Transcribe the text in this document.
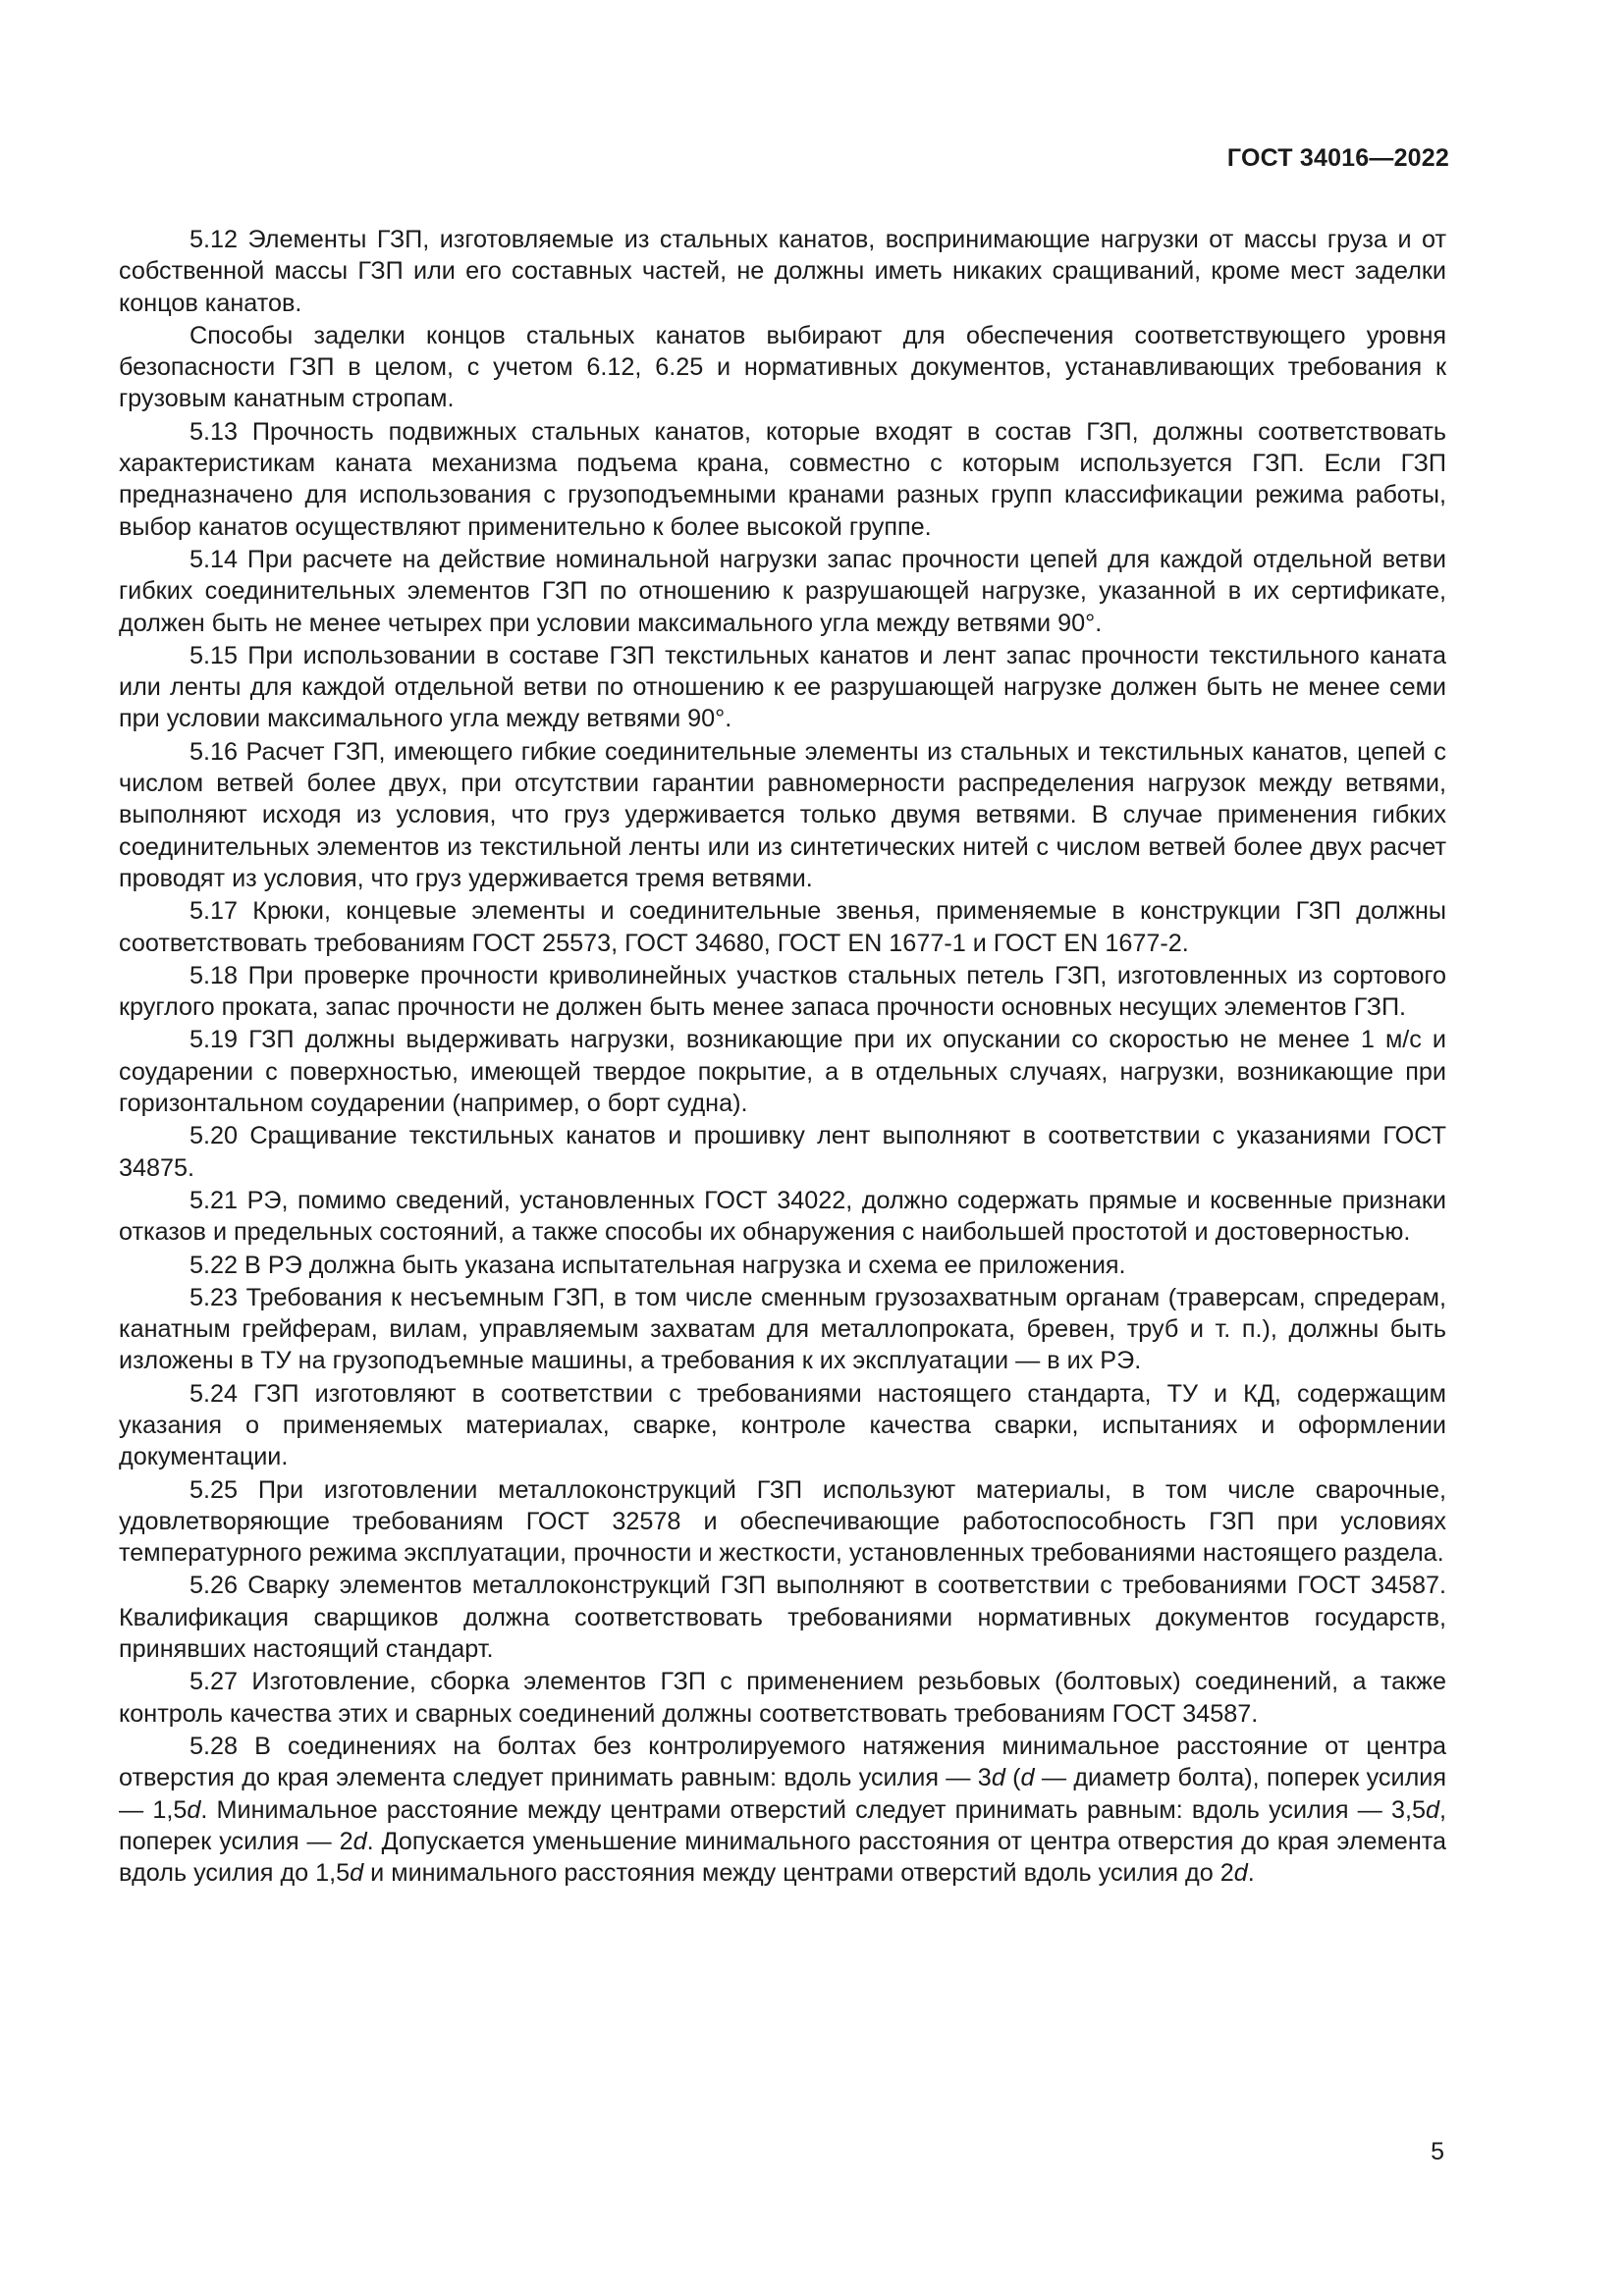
ГОСТ 34016—2022

5.12 Элементы ГЗП, изготовляемые из стальных канатов, воспринимающие нагрузки от массы груза и от собственной массы ГЗП или его составных частей, не должны иметь никаких сращиваний, кроме мест заделки концов канатов.

Способы заделки концов стальных канатов выбирают для обеспечения соответствующего уровня безопасности ГЗП в целом, с учетом 6.12, 6.25 и нормативных документов, устанавливающих требования к грузовым канатным стропам.

5.13 Прочность подвижных стальных канатов, которые входят в состав ГЗП, должны соответствовать характеристикам каната механизма подъема крана, совместно с которым используется ГЗП. Если ГЗП предназначено для использования с грузоподъемными кранами разных групп классификации режима работы, выбор канатов осуществляют применительно к более высокой группе.

5.14 При расчете на действие номинальной нагрузки запас прочности цепей для каждой отдельной ветви гибких соединительных элементов ГЗП по отношению к разрушающей нагрузке, указанной в их сертификате, должен быть не менее четырех при условии максимального угла между ветвями 90°.

5.15 При использовании в составе ГЗП текстильных канатов и лент запас прочности текстильного каната или ленты для каждой отдельной ветви по отношению к ее разрушающей нагрузке должен быть не менее семи при условии максимального угла между ветвями 90°.

5.16 Расчет ГЗП, имеющего гибкие соединительные элементы из стальных и текстильных канатов, цепей с числом ветвей более двух, при отсутствии гарантии равномерности распределения нагрузок между ветвями, выполняют исходя из условия, что груз удерживается только двумя ветвями. В случае применения гибких соединительных элементов из текстильной ленты или из синтетических нитей с числом ветвей более двух расчет проводят из условия, что груз удерживается тремя ветвями.

5.17 Крюки, концевые элементы и соединительные звенья, применяемые в конструкции ГЗП должны соответствовать требованиям ГОСТ 25573, ГОСТ 34680, ГОСТ EN 1677-1 и ГОСТ EN 1677-2.

5.18 При проверке прочности криволинейных участков стальных петель ГЗП, изготовленных из сортового круглого проката, запас прочности не должен быть менее запаса прочности основных несущих элементов ГЗП.

5.19 ГЗП должны выдерживать нагрузки, возникающие при их опускании со скоростью не менее 1 м/с и соударении с поверхностью, имеющей твердое покрытие, а в отдельных случаях, нагрузки, возникающие при горизонтальном соударении (например, о борт судна).

5.20 Сращивание текстильных канатов и прошивку лент выполняют в соответствии с указаниями ГОСТ 34875.

5.21 РЭ, помимо сведений, установленных ГОСТ 34022, должно содержать прямые и косвенные признаки отказов и предельных состояний, а также способы их обнаружения с наибольшей простотой и достоверностью.

5.22 В РЭ должна быть указана испытательная нагрузка и схема ее приложения.

5.23 Требования к несъемным ГЗП, в том числе сменным грузозахватным органам (траверсам, спредерам, канатным грейферам, вилам, управляемым захватам для металлопроката, бревен, труб и т. п.), должны быть изложены в ТУ на грузоподъемные машины, а требования к их эксплуатации — в их РЭ.

5.24 ГЗП изготовляют в соответствии с требованиями настоящего стандарта, ТУ и КД, содержащим указания о применяемых материалах, сварке, контроле качества сварки, испытаниях и оформлении документации.

5.25 При изготовлении металлоконструкций ГЗП используют материалы, в том числе сварочные, удовлетворяющие требованиям ГОСТ 32578 и обеспечивающие работоспособность ГЗП при условиях температурного режима эксплуатации, прочности и жесткости, установленных требованиями настоящего раздела.

5.26 Сварку элементов металлоконструкций ГЗП выполняют в соответствии с требованиями ГОСТ 34587. Квалификация сварщиков должна соответствовать требованиями нормативных документов государств, принявших настоящий стандарт.

5.27 Изготовление, сборка элементов ГЗП с применением резьбовых (болтовых) соединений, а также контроль качества этих и сварных соединений должны соответствовать требованиям ГОСТ 34587.

5.28 В соединениях на болтах без контролируемого натяжения минимальное расстояние от центра отверстия до края элемента следует принимать равным: вдоль усилия — 3d (d — диаметр болта), поперек усилия — 1,5d. Минимальное расстояние между центрами отверстий следует принимать равным: вдоль усилия — 3,5d, поперек усилия — 2d. Допускается уменьшение минимального расстояния от центра отверстия до края элемента вдоль усилия до 1,5d и минимального расстояния между центрами отверстий вдоль усилия до 2d.

5
